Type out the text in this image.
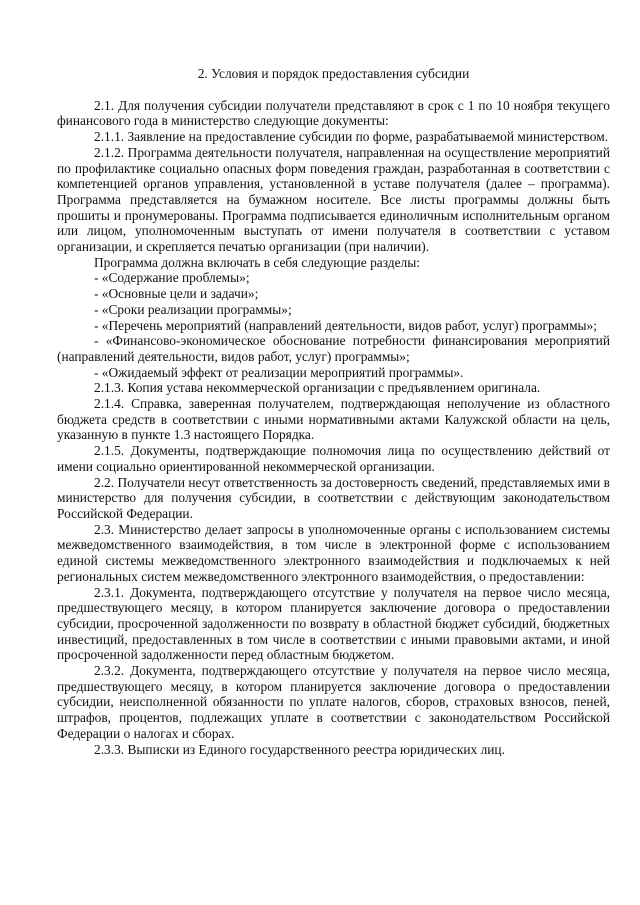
2. Условия и порядок предоставления субсидии

2.1. Для получения субсидии получатели представляют в срок с 1 по 10 ноября текущего финансового года в министерство следующие документы:

2.1.1. Заявление на предоставление субсидии по форме, разрабатываемой министерством.

2.1.2. Программа деятельности получателя, направленная на осуществление мероприятий по профилактике социально опасных форм поведения граждан, разработанная в соответствии с компетенцией органов управления, установленной в уставе получателя (далее – программа). Программа представляется на бумажном носителе. Все листы программы должны быть прошиты и пронумерованы. Программа подписывается единоличным исполнительным органом или лицом, уполномоченным выступать от имени получателя в соответствии с уставом организации, и скрепляется печатью организации (при наличии).

Программа должна включать в себя следующие разделы:

- «Содержание проблемы»;

- «Основные цели и задачи»;

- «Сроки реализации программы»;

- «Перечень мероприятий (направлений деятельности, видов работ, услуг) программы»;

- «Финансово-экономическое обоснование потребности финансирования мероприятий (направлений деятельности, видов работ, услуг) программы»;

- «Ожидаемый эффект от реализации мероприятий программы».

2.1.3. Копия устава некоммерческой организации с предъявлением оригинала.

2.1.4. Справка, заверенная получателем, подтверждающая неполучение из областного бюджета средств в соответствии с иными нормативными актами Калужской области на цель, указанную в пункте 1.3 настоящего Порядка.

2.1.5. Документы, подтверждающие полномочия лица по осуществлению действий от имени социально ориентированной некоммерческой организации.

2.2. Получатели несут ответственность за достоверность сведений, представляемых ими в министерство для получения субсидии, в соответствии с действующим законодательством Российской Федерации.

2.3. Министерство делает запросы в уполномоченные органы с использованием системы межведомственного взаимодействия, в том числе в электронной форме с использованием единой системы межведомственного электронного взаимодействия и подключаемых к ней региональных систем межведомственного электронного взаимодействия, о предоставлении:

2.3.1. Документа, подтверждающего отсутствие у получателя на первое число месяца, предшествующего месяцу, в котором планируется заключение договора о предоставлении субсидии, просроченной задолженности по возврату в областной бюджет субсидий, бюджетных инвестиций, предоставленных в том числе в соответствии с иными правовыми актами, и иной просроченной задолженности перед областным бюджетом.

2.3.2. Документа, подтверждающего отсутствие у получателя на первое число месяца, предшествующего месяцу, в котором планируется заключение договора о предоставлении субсидии, неисполненной обязанности по уплате налогов, сборов, страховых взносов, пеней, штрафов, процентов, подлежащих уплате в соответствии с законодательством Российской Федерации о налогах и сборах.

2.3.3. Выписки из Единого государственного реестра юридических лиц.
